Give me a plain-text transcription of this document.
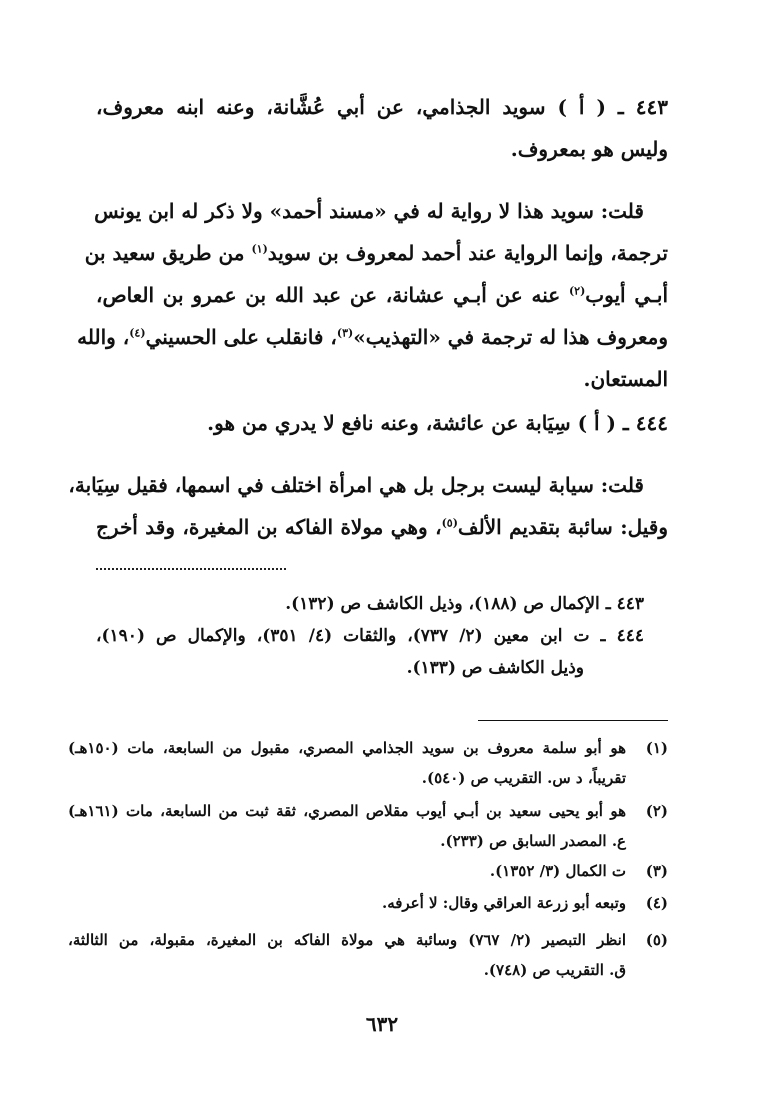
٤٤٣ ـ ( أ ) سويد الجذامي، عن أبي عُشَّانة، وعنه ابنه معروف،
وليس هو بمعروف.
قلت: سويد هذا لا رواية له في «مسند أحمد» ولا ذكر له ابن يونس
ترجمة، وإنما الرواية عند أحمد لمعروف بن سويد$^{(١)}$ من طريق سعيد بن
أبـي أيوب$^{(٢)}$ عنه عن أبـي عشانة، عن عبد الله بن عمرو بن العاص،
ومعروف هذا له ترجمة في «التهذيب»$^{(٣)}$، فانقلب على الحسيني$^{(٤)}$، والله
المستعان.
٤٤٤ ـ ( أ ) سِيَابة عن عائشة، وعنه نافع لا يدري من هو.
قلت: سيابة ليست برجل بل هي امرأة اختلف في اسمها، فقيل سِيَابة،
وقيل: سائبة بتقديم الألف$^{(٥)}$، وهي مولاة الفاكه بن المغيرة، وقد أخرج
٤٤٣ ـ الإكمال ص (١٨٨)، وذيل الكاشف ص (١٣٢).
٤٤٤ ـ ت ابن معين (٢/ ٧٣٧)، والثقات (٤/ ٣٥١)، والإكمال ص (١٩٠)،
وذيل الكاشف ص (١٣٣).
(١)
هو أبو سلمة معروف بن سويد الجذامي المصري، مقبول من السابعة، مات (١٥٠هـ)
تقريباً، د س. التقريب ص (٥٤٠).
(٢)
هو أبو يحيى سعيد بن أبـي أيوب مقلاص المصري، ثقة ثبت من السابعة، مات (١٦١هـ)
ع. المصدر السابق ص (٢٣٣).
(٣)
ت الكمال (٣/ ١٣٥٢).
(٤)
وتبعه أبو زرعة العراقي وقال: لا أعرفه.
(٥)
انظر التبصير (٢/ ٧٦٧) وسائبة هي مولاة الفاكه بن المغيرة، مقبولة، من الثالثة،
ق. التقريب ص (٧٤٨).
٦٣٢
